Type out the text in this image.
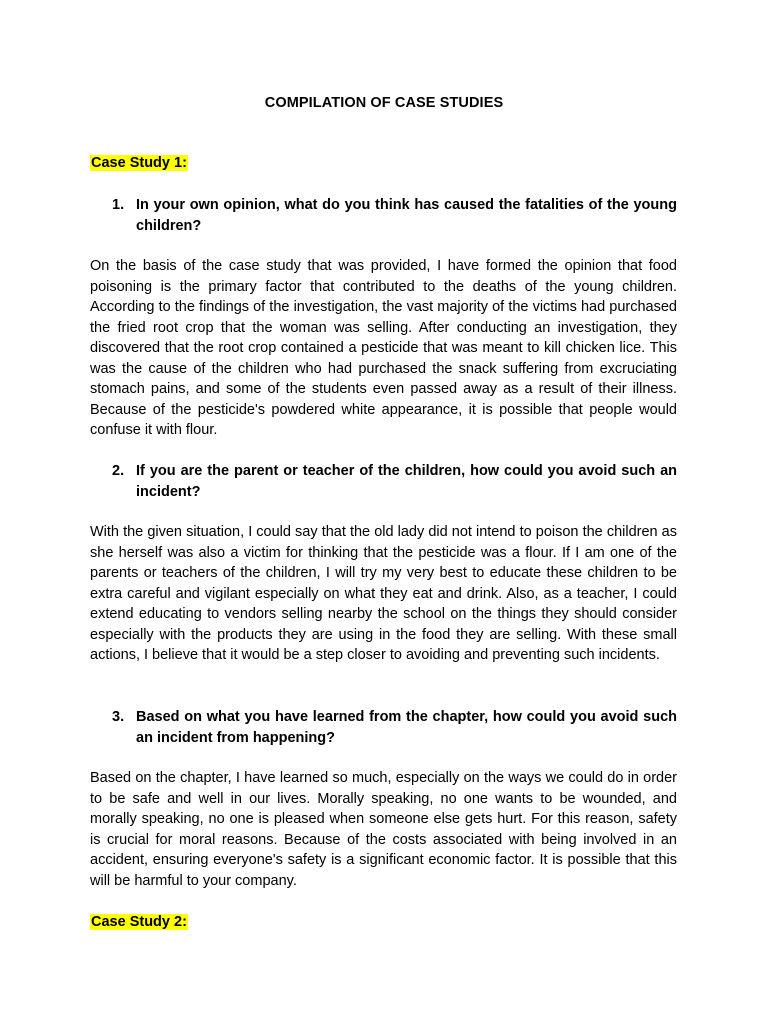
COMPILATION OF CASE STUDIES
Case Study 1:
1. In your own opinion, what do you think has caused the fatalities of the young children?

On the basis of the case study that was provided, I have formed the opinion that food poisoning is the primary factor that contributed to the deaths of the young children. According to the findings of the investigation, the vast majority of the victims had purchased the fried root crop that the woman was selling. After conducting an investigation, they discovered that the root crop contained a pesticide that was meant to kill chicken lice. This was the cause of the children who had purchased the snack suffering from excruciating stomach pains, and some of the students even passed away as a result of their illness. Because of the pesticide's powdered white appearance, it is possible that people would confuse it with flour.

2. If you are the parent or teacher of the children, how could you avoid such an incident?

With the given situation, I could say that the old lady did not intend to poison the children as she herself was also a victim for thinking that the pesticide was a flour. If I am one of the parents or teachers of the children, I will try my very best to educate these children to be extra careful and vigilant especially on what they eat and drink. Also, as a teacher, I could extend educating to vendors selling nearby the school on the things they should consider especially with the products they are using in the food they are selling. With these small actions, I believe that it would be a step closer to avoiding and preventing such incidents.

3. Based on what you have learned from the chapter, how could you avoid such an incident from happening?

Based on the chapter, I have learned so much, especially on the ways we could do in order to be safe and well in our lives. Morally speaking, no one wants to be wounded, and morally speaking, no one is pleased when someone else gets hurt. For this reason, safety is crucial for moral reasons. Because of the costs associated with being involved in an accident, ensuring everyone's safety is a significant economic factor. It is possible that this will be harmful to your company.

Case Study 2:
